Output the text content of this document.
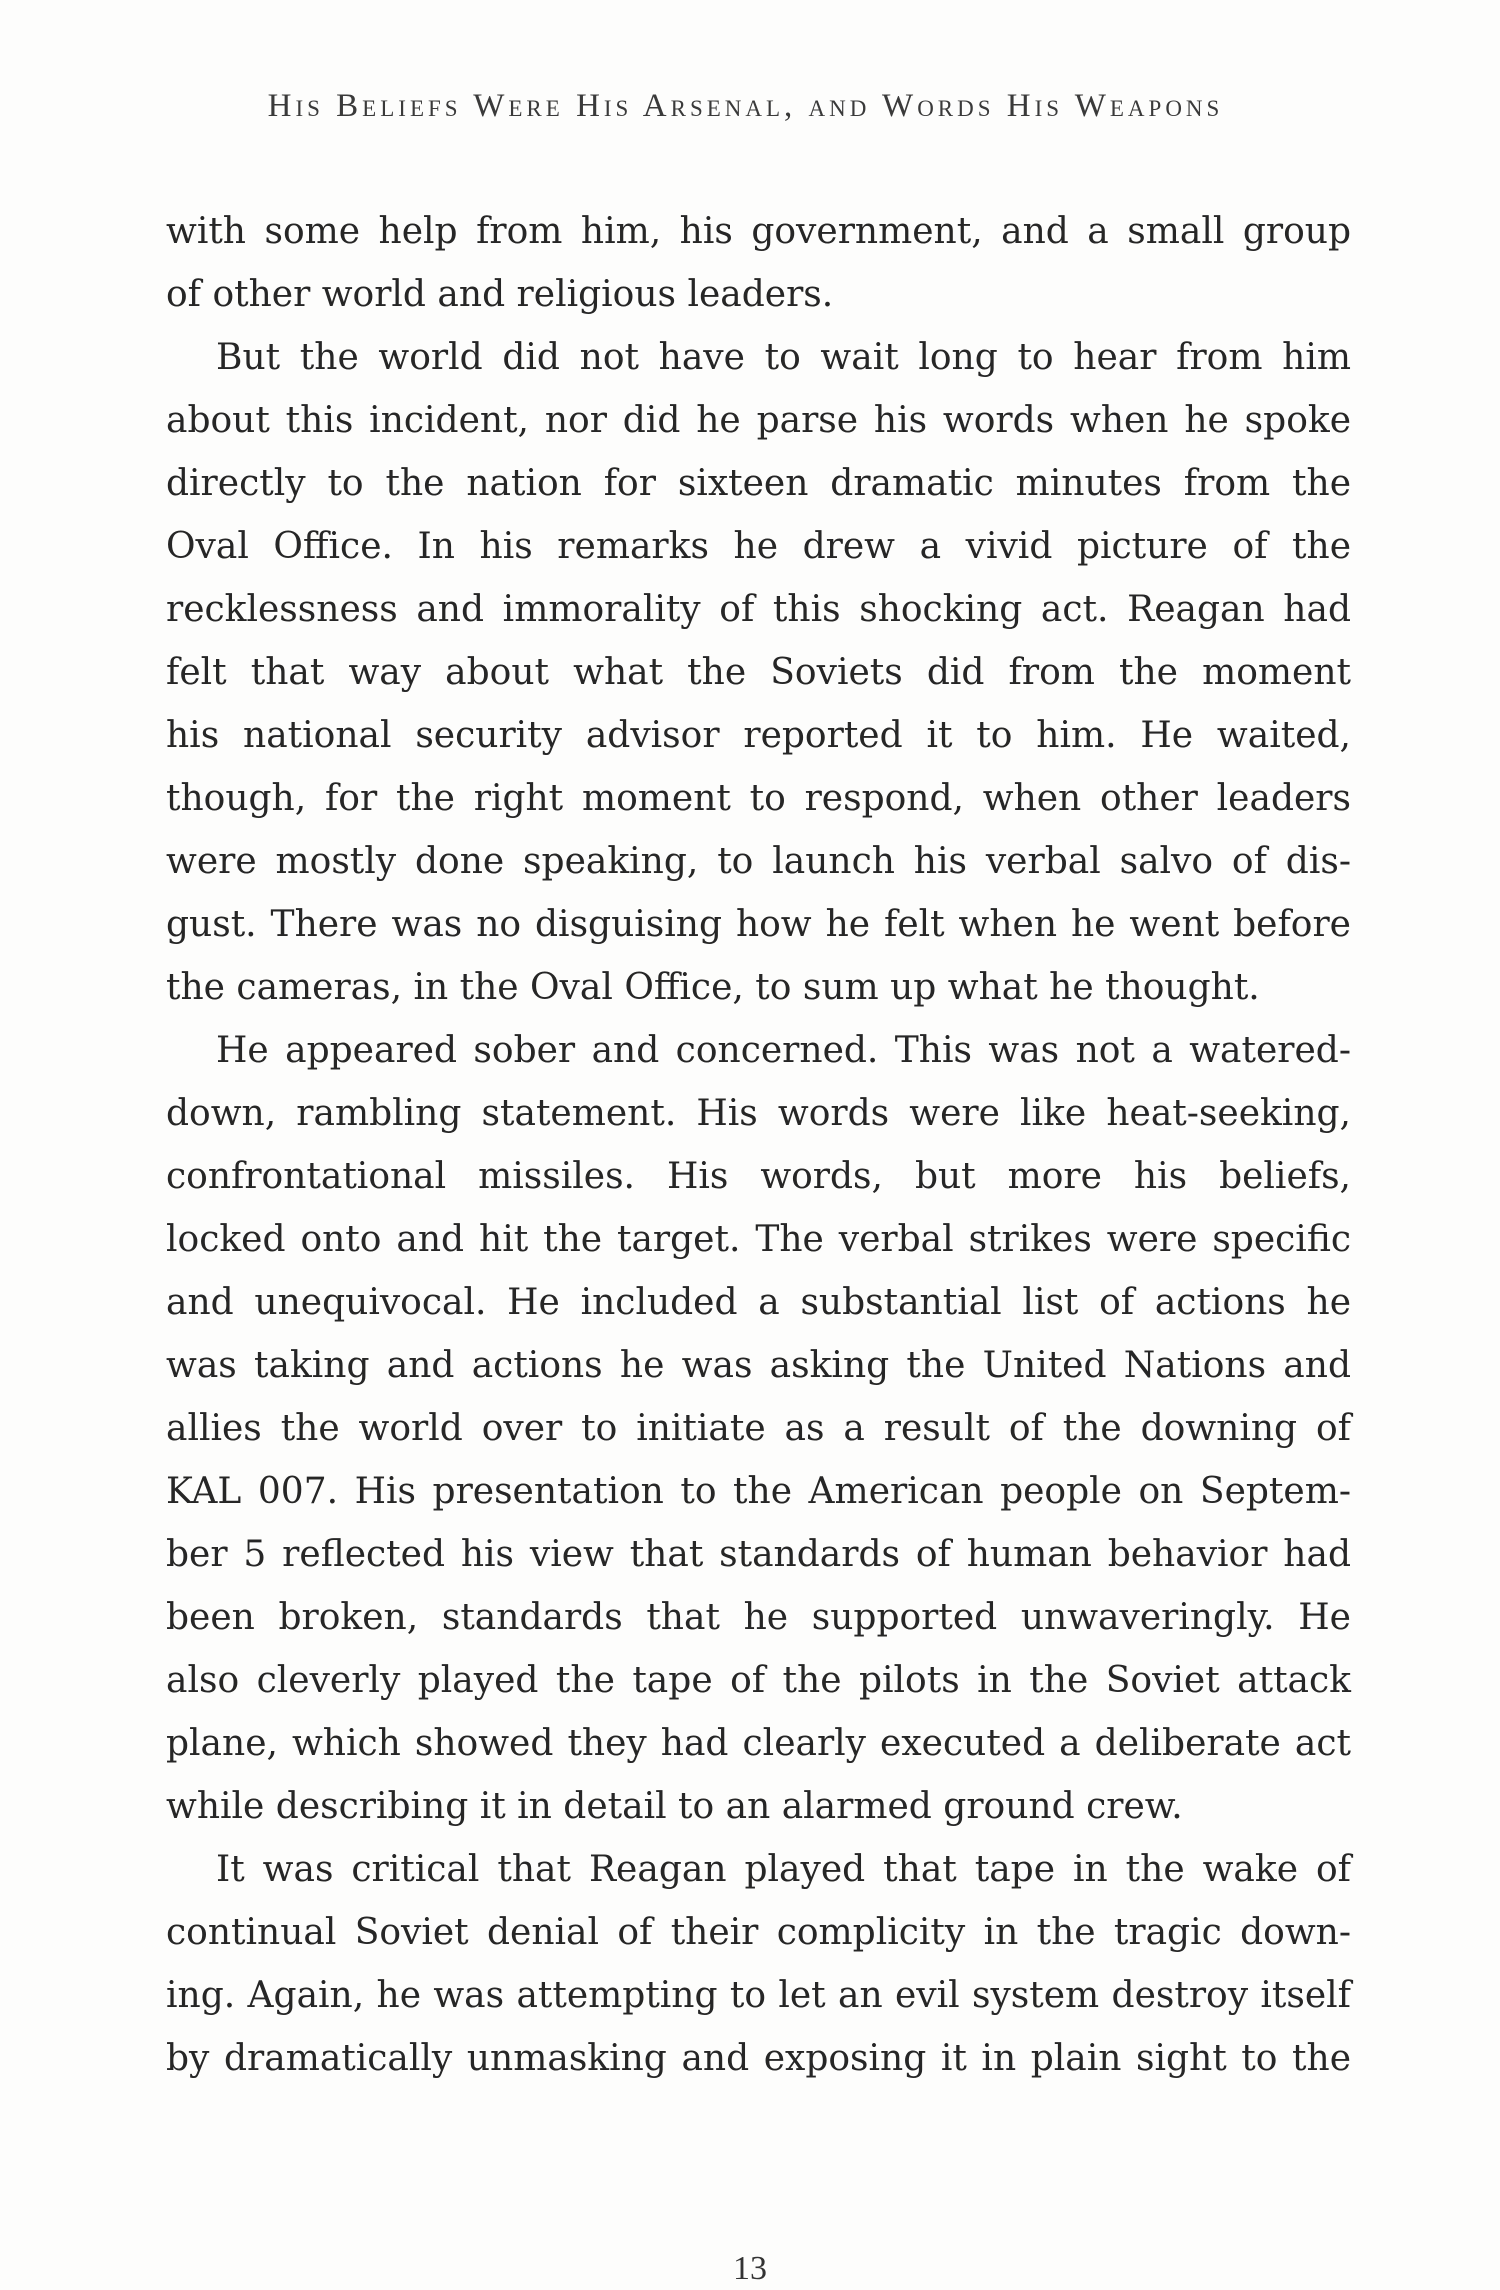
His Beliefs Were His Arsenal, and Words His Weapons
with some help from him, his government, and a small group
of other world and religious leaders.
But the world did not have to wait long to hear from him
about this incident, nor did he parse his words when he spoke
directly to the nation for sixteen dramatic minutes from the
Oval Office. In his remarks he drew a vivid picture of the
recklessness and immorality of this shocking act. Reagan had
felt that way about what the Soviets did from the moment
his national security advisor reported it to him. He waited,
though, for the right moment to respond, when other leaders
were mostly done speaking, to launch his verbal salvo of dis-
gust. There was no disguising how he felt when he went before
the cameras, in the Oval Office, to sum up what he thought.
He appeared sober and concerned. This was not a watered-
down, rambling statement. His words were like heat-seeking,
confrontational missiles. His words, but more his beliefs,
locked onto and hit the target. The verbal strikes were specific
and unequivocal. He included a substantial list of actions he
was taking and actions he was asking the United Nations and
allies the world over to initiate as a result of the downing of
KAL 007. His presentation to the American people on Septem-
ber 5 reflected his view that standards of human behavior had
been broken, standards that he supported unwaveringly. He
also cleverly played the tape of the pilots in the Soviet attack
plane, which showed they had clearly executed a deliberate act
while describing it in detail to an alarmed ground crew.
It was critical that Reagan played that tape in the wake of
continual Soviet denial of their complicity in the tragic down-
ing. Again, he was attempting to let an evil system destroy itself
by dramatically unmasking and exposing it in plain sight to the
13
